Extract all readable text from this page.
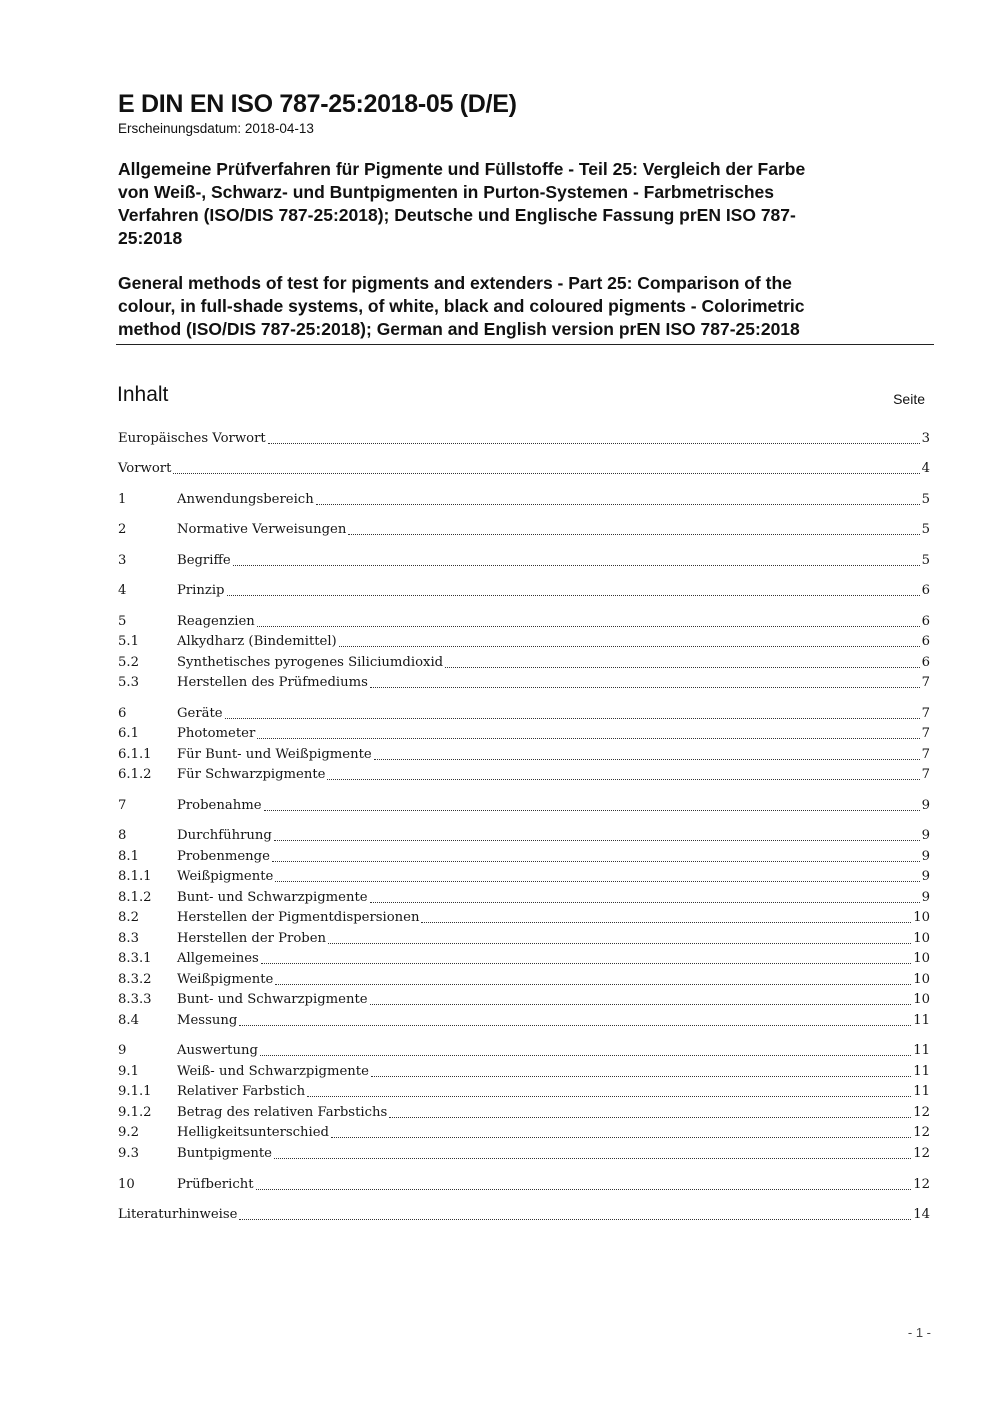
E DIN EN ISO 787-25:2018-05 (D/E)
Erscheinungsdatum: 2018-04-13
Allgemeine Prüfverfahren für Pigmente und Füllstoffe - Teil 25: Vergleich der Farbe
von Weiß-, Schwarz- und Buntpigmenten in Purton-Systemen - Farbmetrisches
Verfahren (ISO/DIS 787-25:2018); Deutsche und Englische Fassung prEN ISO 787-
25:2018
General methods of test for pigments and extenders - Part 25: Comparison of the
colour, in full-shade systems, of white, black and coloured pigments - Colorimetric
method (ISO/DIS 787-25:2018); German and English version prEN ISO 787-25:2018
Inhalt	Seite
Europäisches Vorwort	3
Vorwort	4
1	Anwendungsbereich	5
2	Normative Verweisungen	5
3	Begriffe	5
4	Prinzip	6
5	Reagenzien	6
5.1	Alkydharz (Bindemittel)	6
5.2	Synthetisches pyrogenes Siliciumdioxid	6
5.3	Herstellen des Prüfmediums	7
6	Geräte	7
6.1	Photometer	7
6.1.1	Für Bunt- und Weißpigmente	7
6.1.2	Für Schwarzpigmente	7
7	Probenahme	9
8	Durchführung	9
8.1	Probenmenge	9
8.1.1	Weißpigmente	9
8.1.2	Bunt- und Schwarzpigmente	9
8.2	Herstellen der Pigmentdispersionen	10
8.3	Herstellen der Proben	10
8.3.1	Allgemeines	10
8.3.2	Weißpigmente	10
8.3.3	Bunt- und Schwarzpigmente	10
8.4	Messung	11
9	Auswertung	11
9.1	Weiß- und Schwarzpigmente	11
9.1.1	Relativer Farbstich	11
9.1.2	Betrag des relativen Farbstichs	12
9.2	Helligkeitsunterschied	12
9.3	Buntpigmente	12
10	Prüfbericht	12
Literaturhinweise	14
- 1 -
